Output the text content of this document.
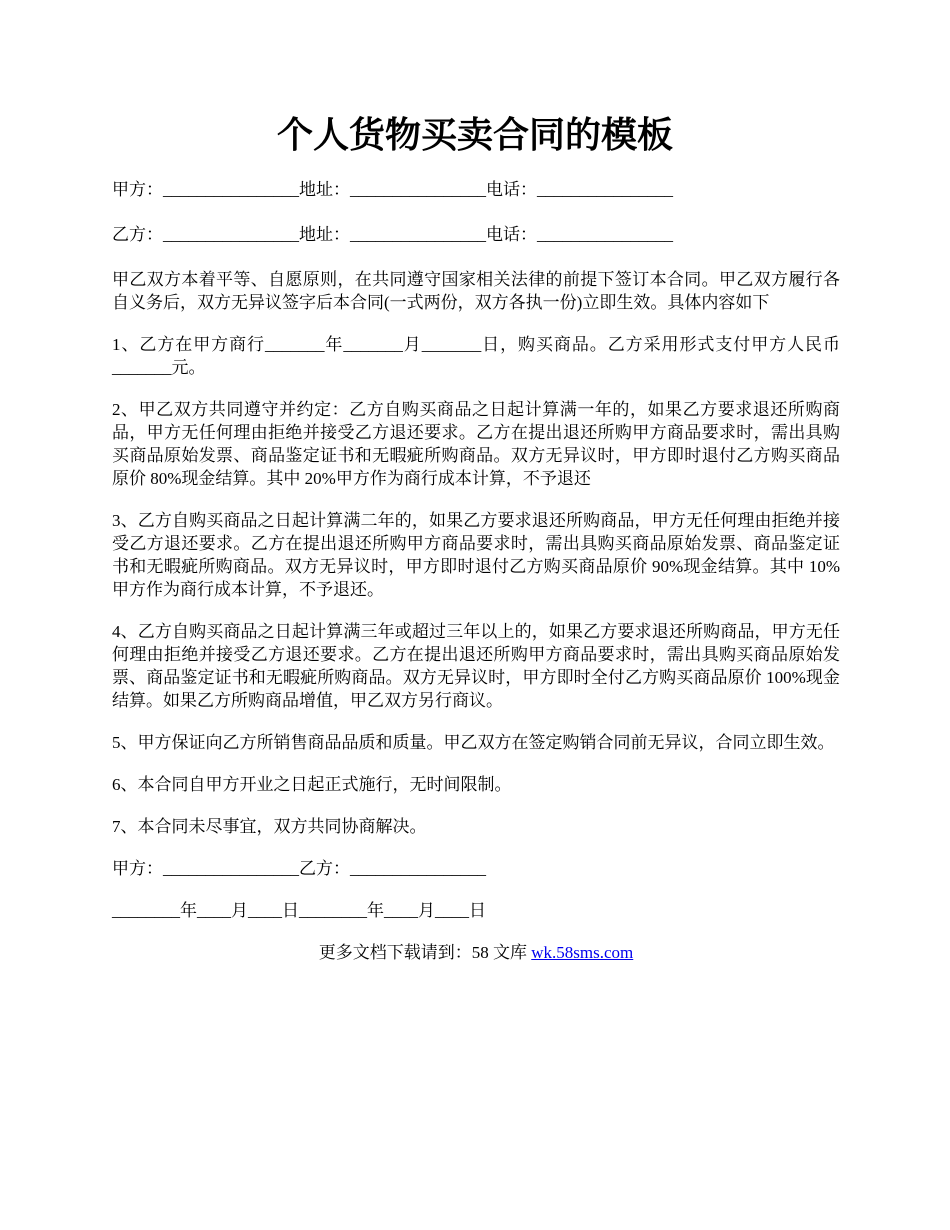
个人货物买卖合同的模板

甲方：________________地址：________________电话：________________

乙方：________________地址：________________电话：________________

甲乙双方本着平等、自愿原则，在共同遵守国家相关法律的前提下签订本合同。甲乙双方履行各自义务后，双方无异议签字后本合同(一式两份，双方各执一份)立即生效。具体内容如下

1、乙方在甲方商行_______年_______月_______日，购买商品。乙方采用形式支付甲方人民币_______元。

2、甲乙双方共同遵守并约定：乙方自购买商品之日起计算满一年的，如果乙方要求退还所购商品，甲方无任何理由拒绝并接受乙方退还要求。乙方在提出退还所购甲方商品要求时，需出具购买商品原始发票、商品鉴定证书和无暇疵所购商品。双方无异议时，甲方即时退付乙方购买商品原价 80%现金结算。其中 20%甲方作为商行成本计算，不予退还

3、乙方自购买商品之日起计算满二年的，如果乙方要求退还所购商品，甲方无任何理由拒绝并接受乙方退还要求。乙方在提出退还所购甲方商品要求时，需出具购买商品原始发票、商品鉴定证书和无暇疵所购商品。双方无异议时，甲方即时退付乙方购买商品原价 90%现金结算。其中 10%甲方作为商行成本计算，不予退还。

4、乙方自购买商品之日起计算满三年或超过三年以上的，如果乙方要求退还所购商品，甲方无任何理由拒绝并接受乙方退还要求。乙方在提出退还所购甲方商品要求时，需出具购买商品原始发票、商品鉴定证书和无暇疵所购商品。双方无异议时，甲方即时全付乙方购买商品原价 100%现金结算。如果乙方所购商品增值，甲乙双方另行商议。

5、甲方保证向乙方所销售商品品质和质量。甲乙双方在签定购销合同前无异议，合同立即生效。

6、本合同自甲方开业之日起正式施行，无时间限制。

7、本合同未尽事宜，双方共同协商解决。

甲方：________________乙方：________________

________年____月____日________年____月____日

更多文档下载请到：58 文库 wk.58sms.com
